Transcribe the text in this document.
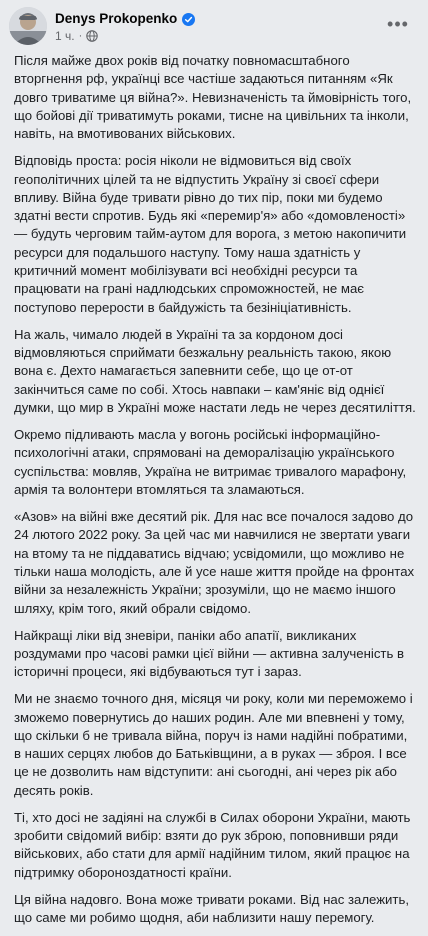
Denys Prokopenko
1 ч. ·
•••

Після майже двох років від початку повномасштабного вторгнення рф, українці все частіше задаються питанням «Як довго триватиме ця війна?». Невизначеність та ймовірність того, що бойові дії триватимуть роками, тисне на цивільних та інколи, навіть, на вмотивованих військових.

Відповідь проста: росія ніколи не відмовиться від своїх геополітичних цілей та не відпустить Україну зі своєї сфери впливу. Війна буде тривати рівно до тих пір, поки ми будемо здатні вести спротив. Будь які «перемир'я» або «домовленості» — будуть черговим тайм-аутом для ворога, з метою накопичити ресурси для подальшого наступу. Тому наша здатність у критичний момент мобілізувати всі необхідні ресурси та працювати на грані надлюдських спроможностей, не має поступово перерости в байдужість та безініціативність.

На жаль, чимало людей в Україні та за кордоном досі відмовляються сприймати безжальну реальність такою, якою вона є. Дехто намагається запевнити себе, що це от-от закінчиться саме по собі. Хтось навпаки – кам'яніє від однієї думки, що мир в Україні може настати ледь не через десятиліття.

Окремо підливають масла у вогонь російські інформаційно-психологічні атаки, спрямовані на деморалізацію українського суспільства: мовляв, Україна не витримає тривалого марафону, армія та волонтери втомляться та зламаються.

«Азов» на війні вже десятий рік. Для нас все почалося задово до 24 лютого 2022 року. За цей час ми навчилися не звертати уваги на втому та не піддаватись відчаю; усвідомили, що можливо не тільки наша молодість, але й усе наше життя пройде на фронтах війни за незалежність України; зрозуміли, що не маємо іншого шляху, крім того, який обрали свідомо.

Найкращі ліки від зневіри, паніки або апатії, викликаних роздумами про часові рамки цієї війни — активна залученість в історичні процеси, які відбуваються тут і зараз.

Ми не знаємо точного дня, місяця чи року, коли ми переможемо і зможемо повернутись до наших родин. Але ми впевнені у тому, що скільки б не тривала війна, поруч із нами надійні побратими, в наших серцях любов до Батьківщини, а в руках — зброя. І все це не дозволить нам відступити: ані сьогодні, ані через рік або десять років.

Ті, хто досі не задіяні на службі в Силах оборони України, мають зробити свідомий вибір: взяти до рук зброю, поповнивши ряди військових, або стати для армії надійним тилом, який працює на підтримку обороноздатності країни.

Ця війна надовго. Вона може тривати роками. Від нас залежить, що саме ми робимо щодня, аби наблизити нашу перемогу.
